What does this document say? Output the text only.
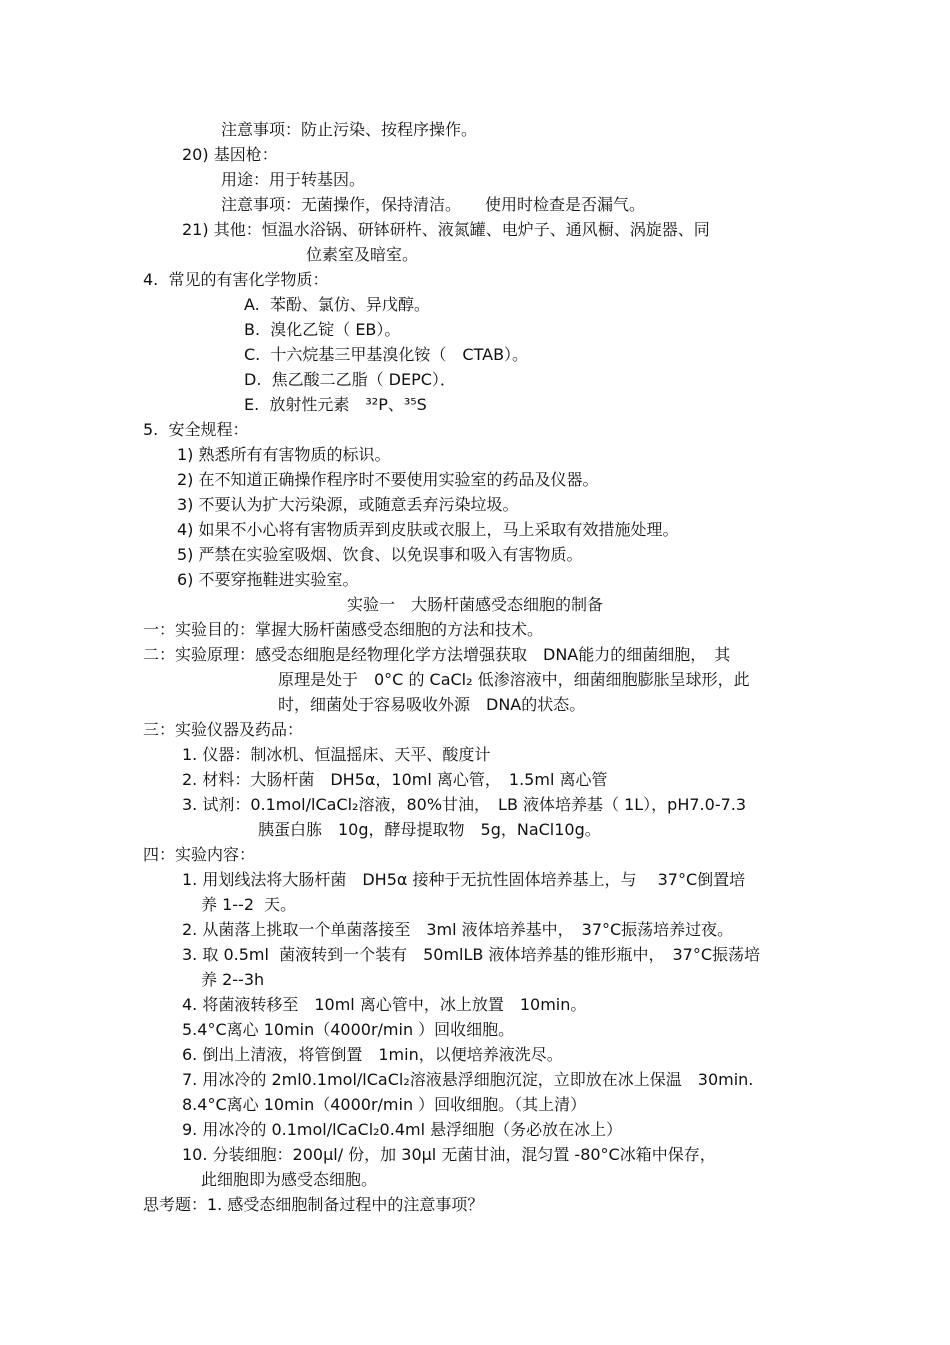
注意事项：防止污染、按程序操作。
20) 基因枪：
用途：用于转基因。
注意事项：无菌操作，保持清洁。　　使用时检查是否漏气。
21) 其他：恒温水浴锅、研钵研杵、液氮罐、电炉子、通风橱、涡旋器、同
位素室及暗室。
4.  常见的有害化学物质：
A.  苯酚、氯仿、异戊醇。
B.  溴化乙锭（ EB）。
C.  十六烷基三甲基溴化铵（　CTAB）。
D.  焦乙酸二乙脂（ DEPC）．
E.  放射性元素　³²P、³⁵S
5.  安全规程：
1) 熟悉所有有害物质的标识。
2) 在不知道正确操作程序时不要使用实验室的药品及仪器。
3) 不要认为扩大污染源，或随意丢弃污染垃圾。
4) 如果不小心将有害物质弄到皮肤或衣服上，马上采取有效措施处理。
5) 严禁在实验室吸烟、饮食、以免误事和吸入有害物质。
6) 不要穿拖鞋进实验室。
实验一　大肠杆菌感受态细胞的制备
一：实验目的：掌握大肠杆菌感受态细胞的方法和技术。
二：实验原理：感受态细胞是经物理化学方法增强获取　DNA能力的细菌细胞，　其
原理是处于　0°C 的 CaCl₂ 低渗溶液中，细菌细胞膨胀呈球形，此
时，细菌处于容易吸收外源　DNA的状态。
三：实验仪器及药品：
1. 仪器：制冰机、恒温摇床、天平、酸度计
2. 材料：大肠杆菌　DH5α，10ml 离心管，　1.5ml 离心管
3. 试剂：0.1mol/lCaCl₂溶液，80%甘油，　LB 液体培养基（ 1L），pH7.0-7.3
胰蛋白胨　10g，酵母提取物　5g，NaCl10g。
四：实验内容：
1. 用划线法将大肠杆菌　DH5α 接种于无抗性固体培养基上，与　 37°C倒置培
养 1--2  天。
2. 从菌落上挑取一个单菌落接至　3ml 液体培养基中，　37°C振荡培养过夜。
3. 取 0.5ml  菌液转到一个装有　50mlLB 液体培养基的锥形瓶中，　37°C振荡培
养 2--3h
4. 将菌液转移至　10ml 离心管中，冰上放置　10min。
5.4°C离心 10min（4000r/min ）回收细胞。
6. 倒出上清液，将管倒置　1min，以便培养液洗尽。
7. 用冰冷的 2ml0.1mol/lCaCl₂溶液悬浮细胞沉淀，立即放在冰上保温　30min.
8.4°C离心 10min（4000r/min ）回收细胞。（其上清）
9. 用冰冷的 0.1mol/lCaCl₂0.4ml 悬浮细胞（务必放在冰上）
10. 分装细胞：200μl/ 份，加 30μl 无菌甘油，混匀置 -80°C冰箱中保存，
此细胞即为感受态细胞。
思考题：1. 感受态细胞制备过程中的注意事项？
